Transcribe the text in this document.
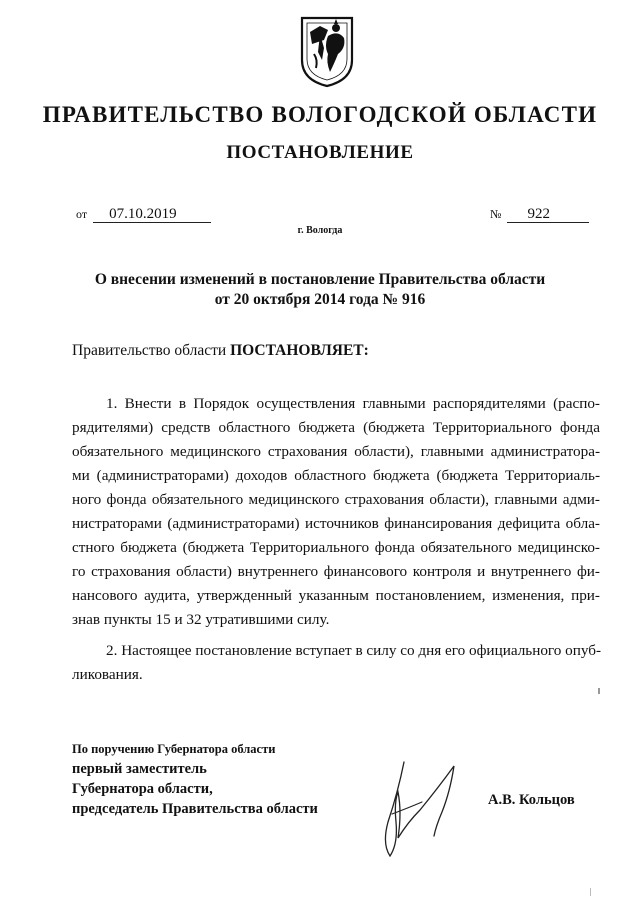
ПРАВИТЕЛЬСТВО ВОЛОГОДСКОЙ ОБЛАСТИ
ПОСТАНОВЛЕНИЕ
от 07.10.2019	№ 922
г. Вологда
О внесении изменений в постановление Правительства области
от 20 октября 2014 года № 916
Правительство области ПОСТАНОВЛЯЕТ:
1. Внести в Порядок осуществления главными распорядителями (распо-
рядителями) средств областного бюджета (бюджета Территориального фонда
обязательного медицинского страхования области), главными администратора-
ми (администраторами) доходов областного бюджета (бюджета Территориаль-
ного фонда обязательного медицинского страхования области), главными адми-
нистраторами (администраторами) источников финансирования дефицита обла-
стного бюджета (бюджета Территориального фонда обязательного медицинско-
го страхования области) внутреннего финансового контроля и внутреннего фи-
нансового аудита, утвержденный указанным постановлением, изменения, при-
знав пункты 15 и 32 утратившими силу.
2. Настоящее постановление вступает в силу со дня его официального опуб-
ликования.
По поручению Губернатора области
первый заместитель
Губернатора области,
председатель Правительства области
А.В. Кольцов
